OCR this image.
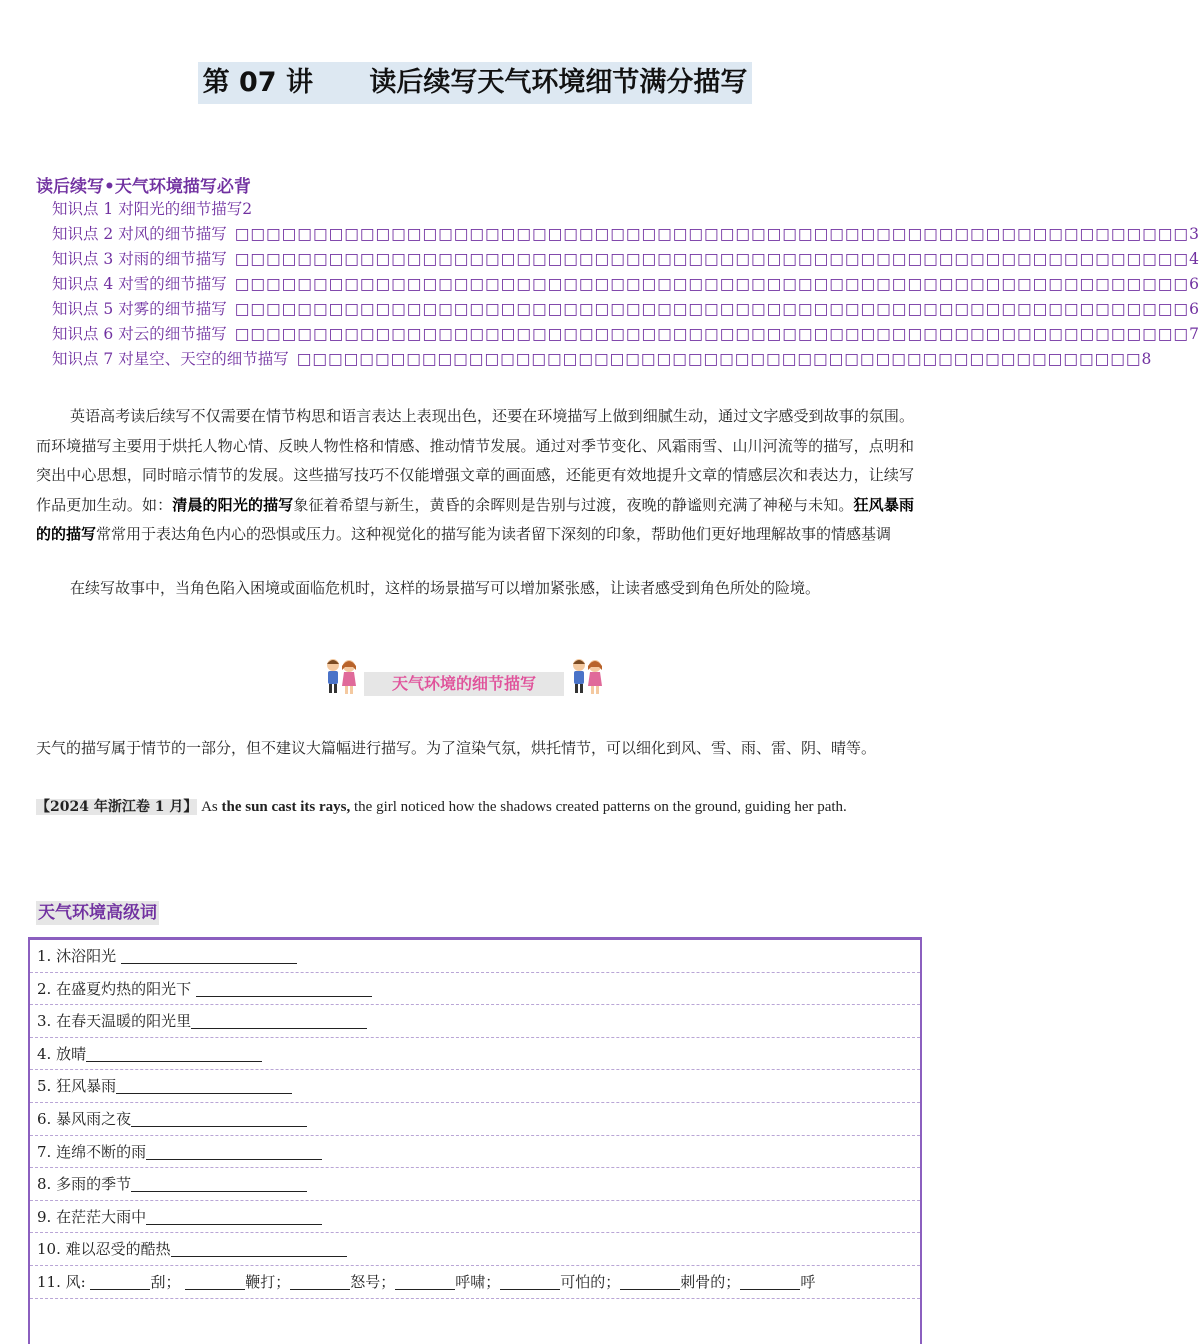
第 07 讲      读后续写天气环境细节满分描写
读后续写•天气环境描写必背
知识点 1 对阳光的细节描写 2
知识点 2 对风的细节描写 □□□□□□□□□□□□□□□□□□□□□□□□□□□□□□□□□□□□□□□□□□□□□□□□□□□□□□□□□□□□□ 3
知识点 3 对雨的细节描写 □□□□□□□□□□□□□□□□□□□□□□□□□□□□□□□□□□□□□□□□□□□□□□□□□□□□□□□□□□□□□ 4
知识点 4 对雪的细节描写 □□□□□□□□□□□□□□□□□□□□□□□□□□□□□□□□□□□□□□□□□□□□□□□□□□□□□□□□□□□□□ 6
知识点 5 对雾的细节描写 □□□□□□□□□□□□□□□□□□□□□□□□□□□□□□□□□□□□□□□□□□□□□□□□□□□□□□□□□□□□□ 6
知识点 6 对云的细节描写 □□□□□□□□□□□□□□□□□□□□□□□□□□□□□□□□□□□□□□□□□□□□□□□□□□□□□□□□□□□□□ 7
知识点 7 对星空、天空的细节描写 □□□□□□□□□□□□□□□□□□□□□□□□□□□□□□□□□□□□□□□□□□□□□□□□□□□□□□ 8
英语高考读后续写不仅需要在情节构思和语言表达上表现出色，还要在环境描写上做到细腻生动，通过文字感受到故事的氛围。而环境描写主要用于烘托人物心情、反映人物性格和情感、推动情节发展。通过对季节变化、风霜雨雪、山川河流等的描写，点明和突出中心思想，同时暗示情节的发展。这些描写技巧不仅能增强文章的画面感，还能更有效地提升文章的情感层次和表达力，让续写作品更加生动。如：清晨的阳光的描写象征着希望与新生，黄昏的余晖则是告别与过渡，夜晚的静谧则充满了神秘与未知。狂风暴雨的的描写常常用于表达角色内心的恐惧或压力。这种视觉化的描写能为读者留下深刻的印象，帮助他们更好地理解故事的情感基调
在续写故事中，当角色陷入困境或面临危机时，这样的场景描写可以增加紧张感，让读者感受到角色所处的险境。
天气环境的细节描写
天气的描写属于情节的一部分，但不建议大篇幅进行描写。为了渲染气氛，烘托情节，可以细化到风、雪、雨、雷、阴、晴等。
【2024 年浙江卷 1 月】 As the sun cast its rays, the girl noticed how the shadows created patterns on the ground, guiding her path.
天气环境高级词
1. 沐浴阳光
2. 在盛夏灼热的阳光下
3. 在春天温暖的阳光里
4. 放晴
5. 狂风暴雨
6. 暴风雨之夜
7. 连绵不断的雨
8. 多雨的季节
9. 在茫茫大雨中
10. 难以忍受的酷热
11. 风:	刮；	鞭打；	怒号；	呼啸；	可怕的；	刺骨的；	呼
